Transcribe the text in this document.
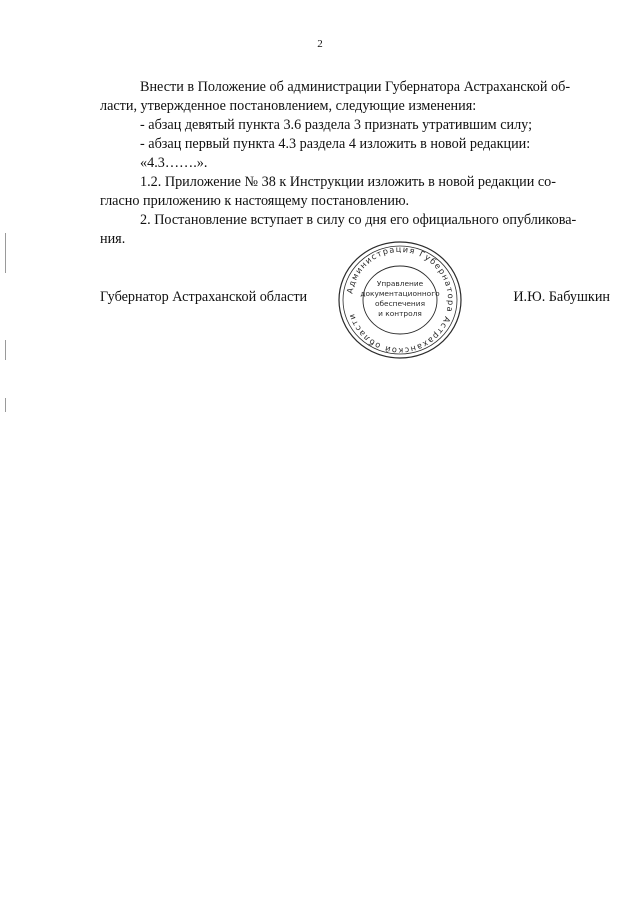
2
Внести в Положение об администрации Губернатора Астраханской об-
ласти, утвержденное постановлением, следующие изменения:
- абзац девятый пункта 3.6 раздела 3 признать утратившим силу;
- абзац первый пункта 4.3 раздела 4 изложить в новой редакции:
«4.3…….».
1.2. Приложение № 38 к Инструкции изложить в новой редакции со-
гласно приложению к настоящему постановлению.
2. Постановление вступает в силу со дня его официального опубликова-
ния.
Губернатор Астраханской области	Администрация Губернатора Астраханской области
Управление
документационного
обеспечения
и контроля
И.Ю. Бабушкин
